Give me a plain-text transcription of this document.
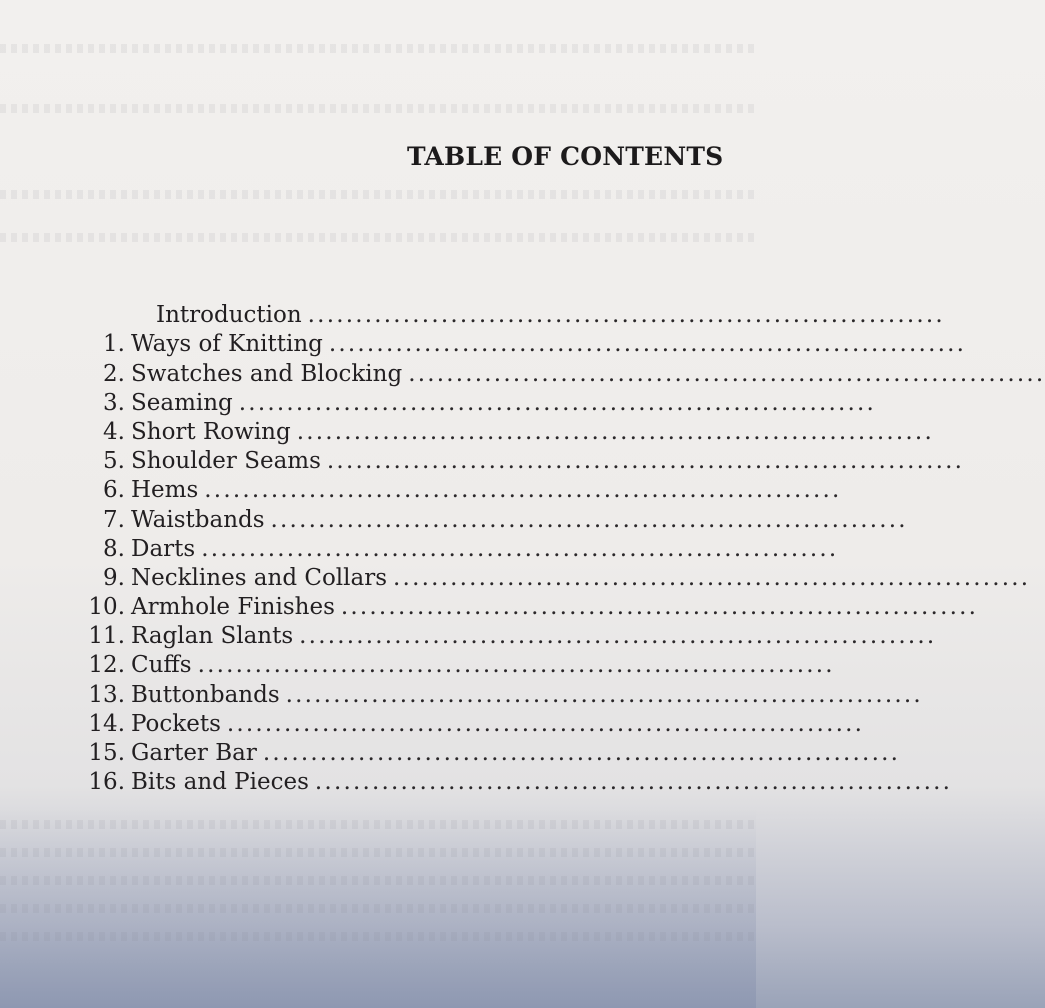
TABLE OF CONTENTS
Introduction ...................................................................
1. Ways of Knitting ...................................................................
2. Swatches and Blocking ...................................................................
3. Seaming ...................................................................
4. Short Rowing ...................................................................
5. Shoulder Seams ...................................................................
6. Hems ...................................................................
7. Waistbands ...................................................................
8. Darts ...................................................................
9. Necklines and Collars ...................................................................
10. Armhole Finishes ...................................................................
11. Raglan Slants ...................................................................
12. Cuffs ...................................................................
13. Buttonbands ...................................................................
14. Pockets ...................................................................
15. Garter Bar ...................................................................
16. Bits and Pieces ...................................................................
